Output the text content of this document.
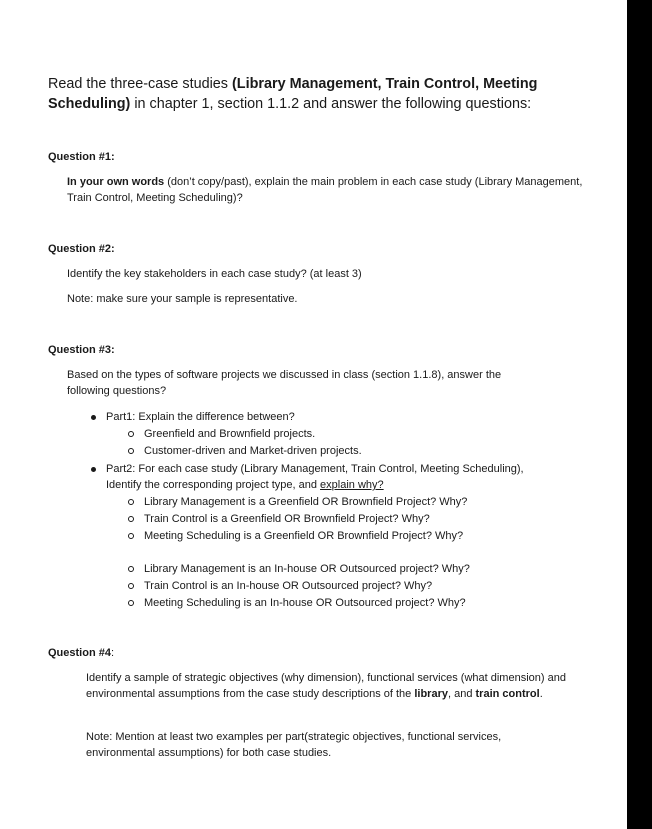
Read the three-case studies (Library Management, Train Control, Meeting Scheduling) in chapter 1, section 1.1.2 and answer the following questions:
Question #1:
In your own words (don’t copy/past), explain the main problem in each case study (Library Management, Train Control, Meeting Scheduling)?
Question #2:
Identify the key stakeholders in each case study? (at least 3)
Note: make sure your sample is representative.
Question #3:
Based on the types of software projects we discussed in class (section 1.1.8), answer the following questions?
Part1: Explain the difference between?
Greenfield and Brownfield projects.
Customer-driven and Market-driven projects.
Part2: For each case study (Library Management, Train Control, Meeting Scheduling), Identify the corresponding project type, and explain why?
Library Management is a Greenfield OR Brownfield Project? Why?
Train Control is a Greenfield OR Brownfield Project? Why?
Meeting Scheduling is a Greenfield OR Brownfield Project? Why?
Library Management is an In-house OR Outsourced project? Why?
Train Control is an In-house OR Outsourced project? Why?
Meeting Scheduling is an In-house OR Outsourced project? Why?
Question #4:

Identify a sample of strategic objectives (why dimension), functional services (what dimension) and environmental assumptions from the case study descriptions of the library, and train control.

Note: Mention at least two examples per part(strategic objectives, functional services, environmental assumptions) for both case studies.
